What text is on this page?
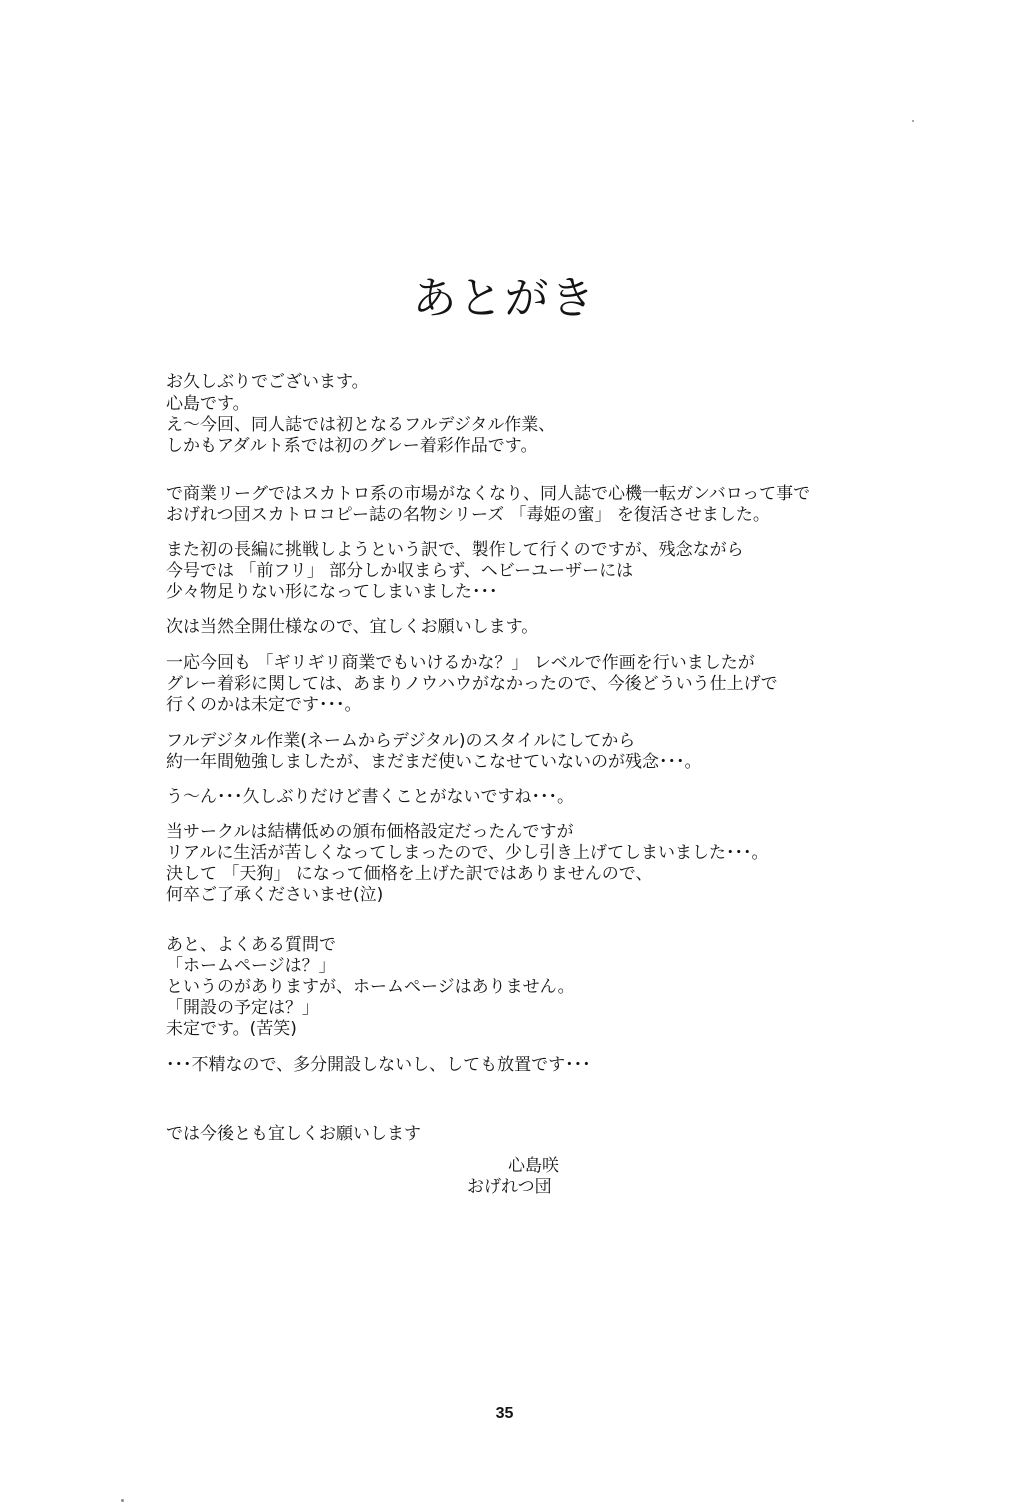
あとがき
お久しぶりでございます。
心島です。
え～今回、同人誌では初となるフルデジタル作業、
しかもアダルト系では初のグレー着彩作品です。
で商業リーグではスカトロ系の市場がなくなり、同人誌で心機一転ガンバロって事で
おげれつ団スカトロコピー誌の名物シリーズ 「毒姫の蜜」 を復活させました。
また初の長編に挑戦しようという訳で、製作して行くのですが、残念ながら
今号では 「前フリ」 部分しか収まらず、ヘビーユーザーには
少々物足りない形になってしまいました･･･
次は当然全開仕様なので、宜しくお願いします。
一応今回も 「ギリギリ商業でもいけるかな？」 レベルで作画を行いましたが
グレー着彩に関しては、あまりノウハウがなかったので、今後どういう仕上げで
行くのかは未定です･･･。
フルデジタル作業(ネームからデジタル)のスタイルにしてから
約一年間勉強しましたが、まだまだ使いこなせていないのが残念･･･。
う～ん･･･久しぶりだけど書くことがないですね･･･。
当サークルは結構低めの頒布価格設定だったんですが
リアルに生活が苦しくなってしまったので、少し引き上げてしまいました･･･。
決して 「天狗」 になって価格を上げた訳ではありませんので、
何卒ご了承くださいませ(泣)
あと、よくある質問で
「ホームページは？」
というのがありますが、ホームページはありません。
「開設の予定は？」
未定です。(苦笑)
･･･不精なので、多分開設しないし、しても放置です･･･
では今後とも宜しくお願いします
心島咲
おげれつ団
35
